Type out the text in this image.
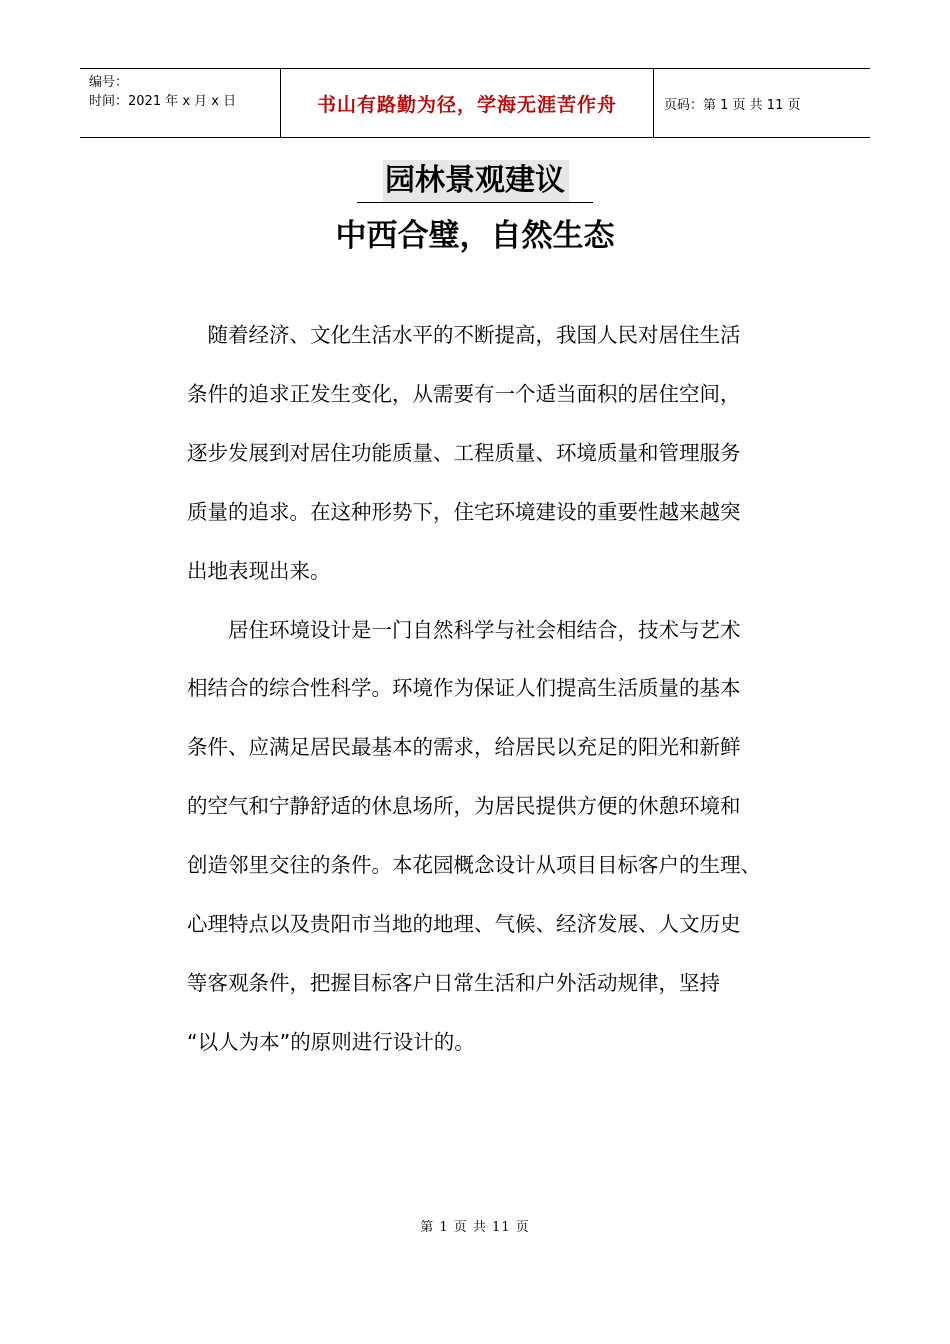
编号：
时间：2021 年 x 月 x 日	书山有路勤为径，学海无涯苦作舟	页码：第 1 页 共 11 页
园林景观建议
中西合璧，自然生态

　随着经济、文化生活水平的不断提高，我国人民对居住生活

条件的追求正发生变化，从需要有一个适当面积的居住空间，

逐步发展到对居住功能质量、工程质量、环境质量和管理服务

质量的追求。在这种形势下，住宅环境建设的重要性越来越突

出地表现出来。

　　居住环境设计是一门自然科学与社会相结合，技术与艺术

相结合的综合性科学。环境作为保证人们提高生活质量的基本

条件、应满足居民最基本的需求，给居民以充足的阳光和新鲜

的空气和宁静舒适的休息场所，为居民提供方便的休憩环境和

创造邻里交往的条件。本花园概念设计从项目目标客户的生理、

心理特点以及贵阳市当地的地理、气候、经济发展、人文历史

等客观条件，把握目标客户日常生活和户外活动规律，坚持

“以人为本”的原则进行设计的。

第 1 页 共 11 页
